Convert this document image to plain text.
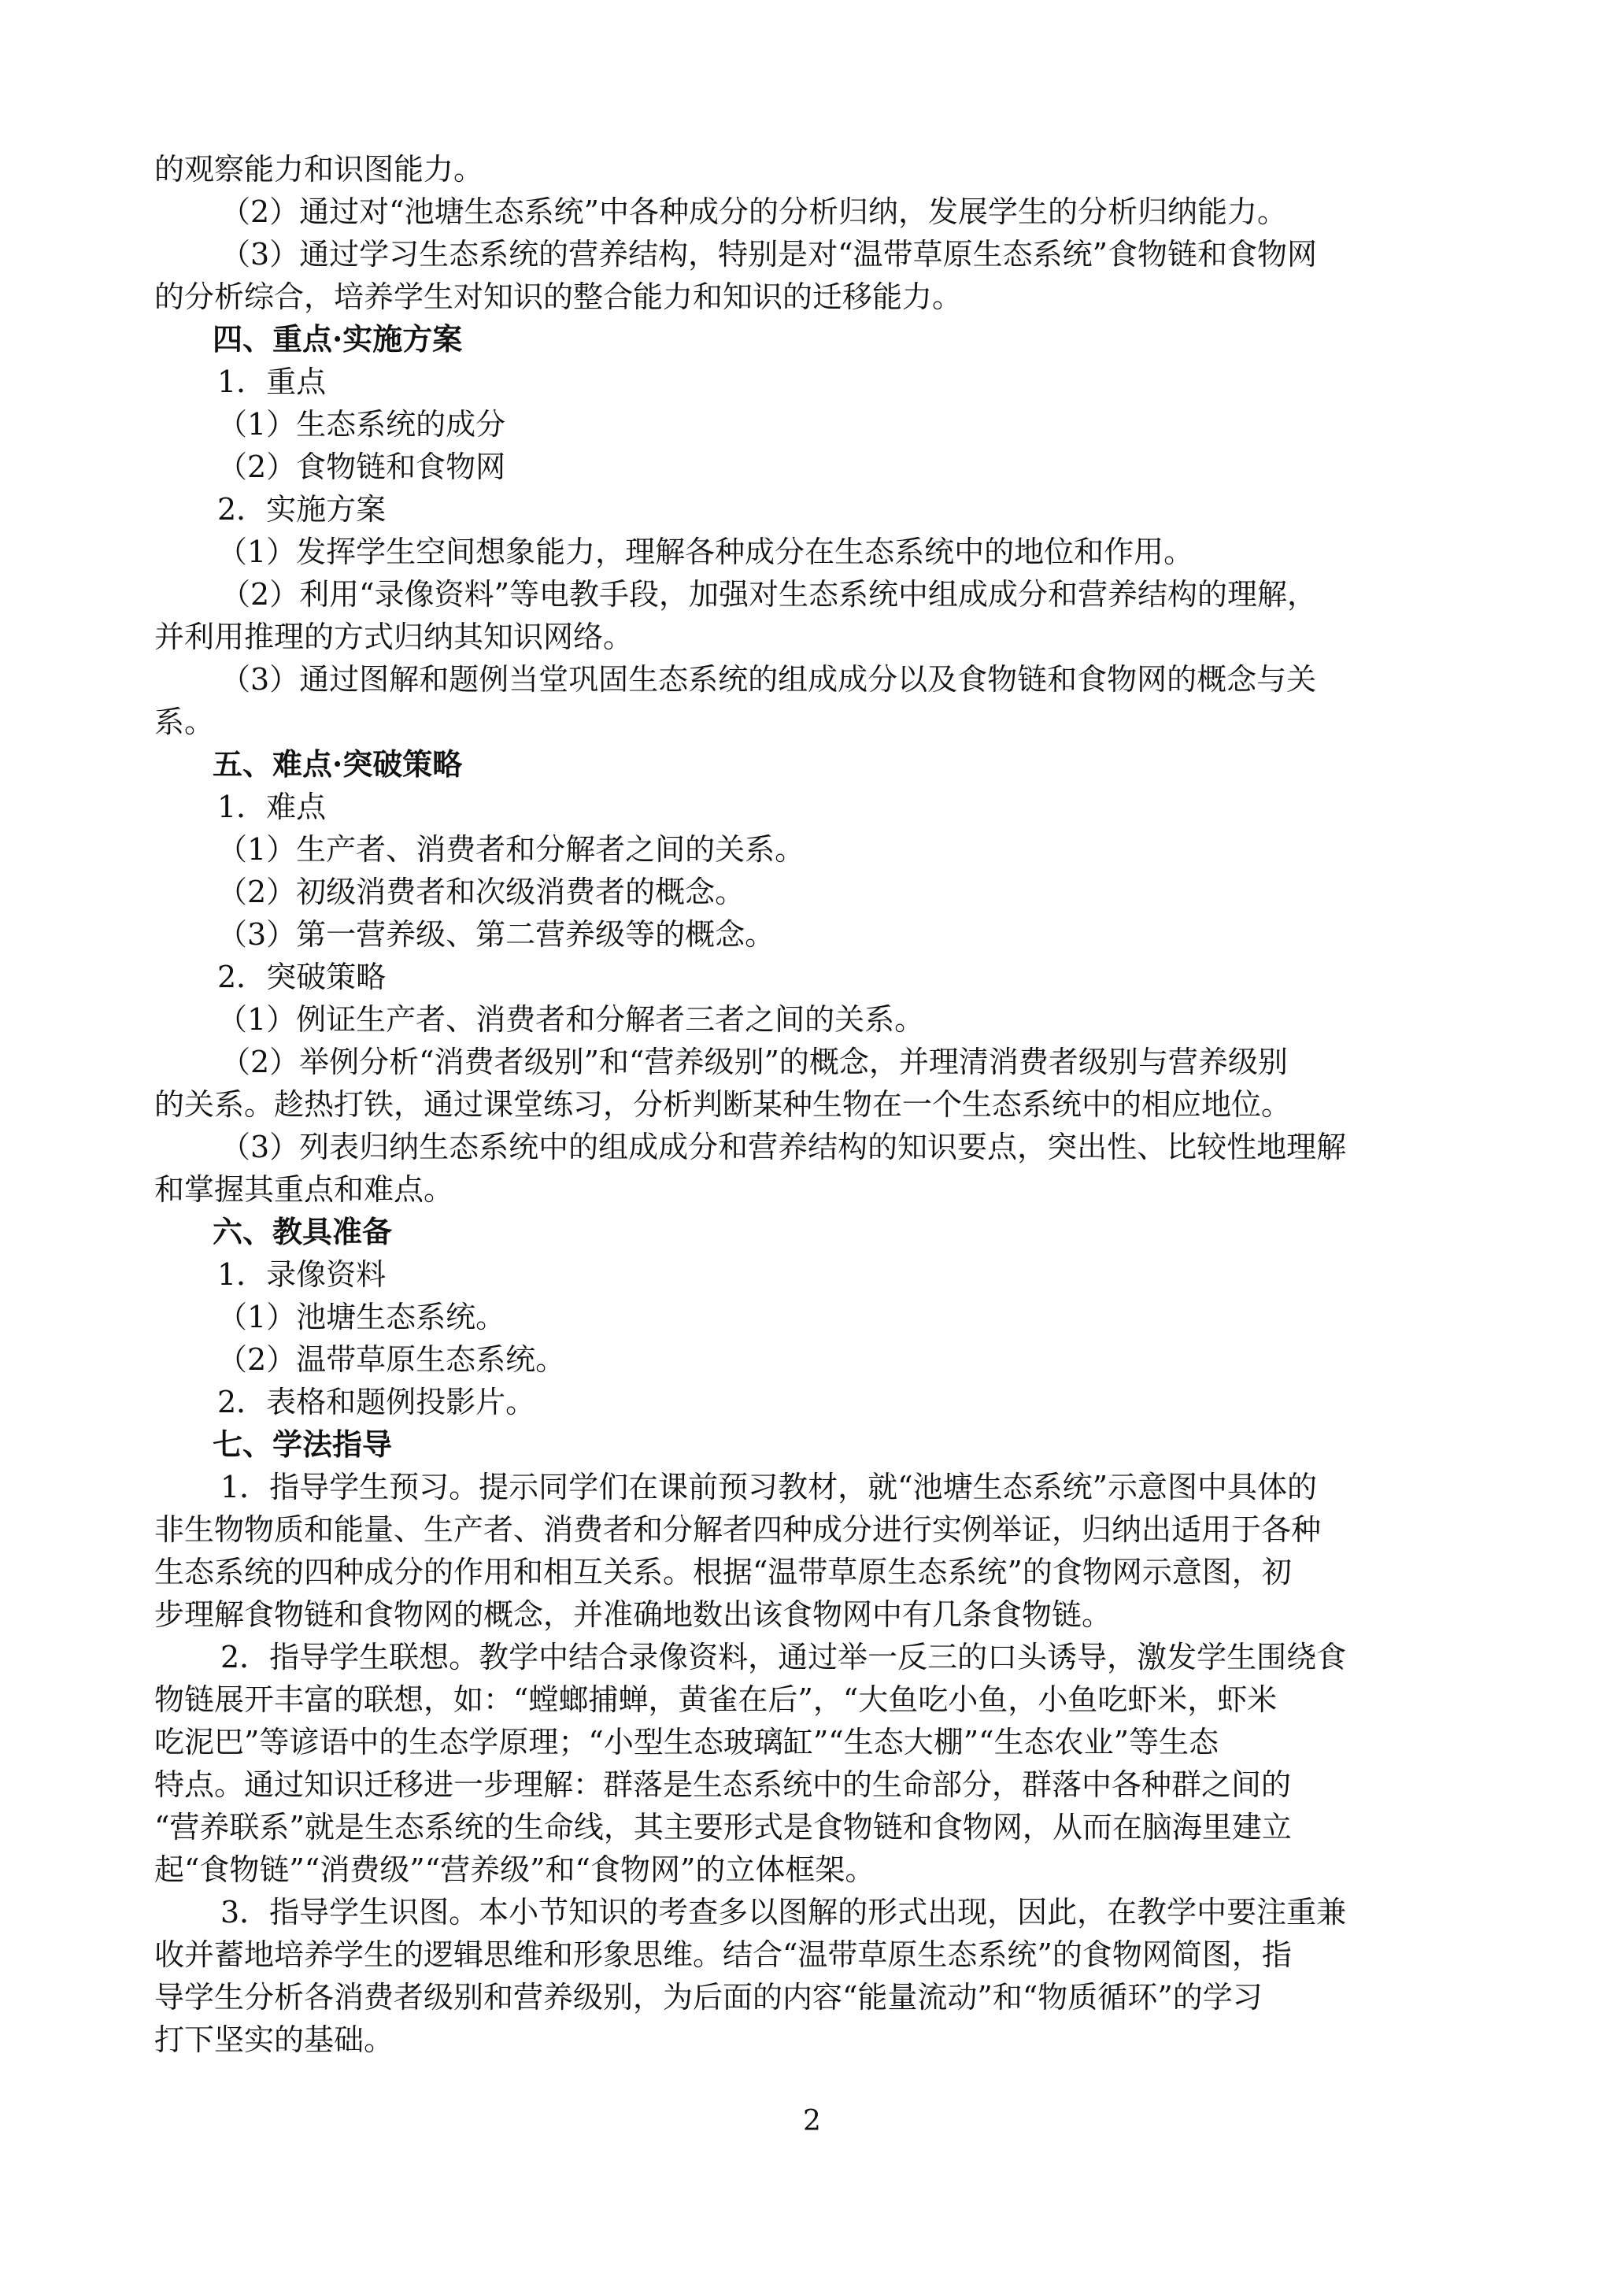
的观察能力和识图能力。
（2）通过对“池塘生态系统”中各种成分的分析归纳，发展学生的分析归纳能力。
（3）通过学习生态系统的营养结构，特别是对“温带草原生态系统”食物链和食物网
的分析综合，培养学生对知识的整合能力和知识的迁移能力。
四、重点·实施方案
1．重点
（1）生态系统的成分
（2）食物链和食物网
2．实施方案
（1）发挥学生空间想象能力，理解各种成分在生态系统中的地位和作用。
（2）利用“录像资料”等电教手段，加强对生态系统中组成成分和营养结构的理解，
并利用推理的方式归纳其知识网络。
（3）通过图解和题例当堂巩固生态系统的组成成分以及食物链和食物网的概念与关
系。
五、难点·突破策略
1．难点
（1）生产者、消费者和分解者之间的关系。
（2）初级消费者和次级消费者的概念。
（3）第一营养级、第二营养级等的概念。
2．突破策略
（1）例证生产者、消费者和分解者三者之间的关系。
（2）举例分析“消费者级别”和“营养级别”的概念，并理清消费者级别与营养级别
的关系。趁热打铁，通过课堂练习，分析判断某种生物在一个生态系统中的相应地位。
（3）列表归纳生态系统中的组成成分和营养结构的知识要点，突出性、比较性地理解
和掌握其重点和难点。
六、教具准备
1．录像资料
（1）池塘生态系统。
（2）温带草原生态系统。
2．表格和题例投影片。
七、学法指导
1．指导学生预习。提示同学们在课前预习教材，就“池塘生态系统”示意图中具体的
非生物物质和能量、生产者、消费者和分解者四种成分进行实例举证，归纳出适用于各种
生态系统的四种成分的作用和相互关系。根据“温带草原生态系统”的食物网示意图，初
步理解食物链和食物网的概念，并准确地数出该食物网中有几条食物链。
2．指导学生联想。教学中结合录像资料，通过举一反三的口头诱导，激发学生围绕食
物链展开丰富的联想，如：“螳螂捕蝉，黄雀在后”，“大鱼吃小鱼，小鱼吃虾米，虾米
吃泥巴”等谚语中的生态学原理；“小型生态玻璃缸”“生态大棚”“生态农业”等生态
特点。通过知识迁移进一步理解：群落是生态系统中的生命部分，群落中各种群之间的
“营养联系”就是生态系统的生命线，其主要形式是食物链和食物网，从而在脑海里建立
起“食物链”“消费级”“营养级”和“食物网”的立体框架。
3．指导学生识图。本小节知识的考查多以图解的形式出现，因此，在教学中要注重兼
收并蓄地培养学生的逻辑思维和形象思维。结合“温带草原生态系统”的食物网简图，指
导学生分析各消费者级别和营养级别，为后面的内容“能量流动”和“物质循环”的学习
打下坚实的基础。
2
